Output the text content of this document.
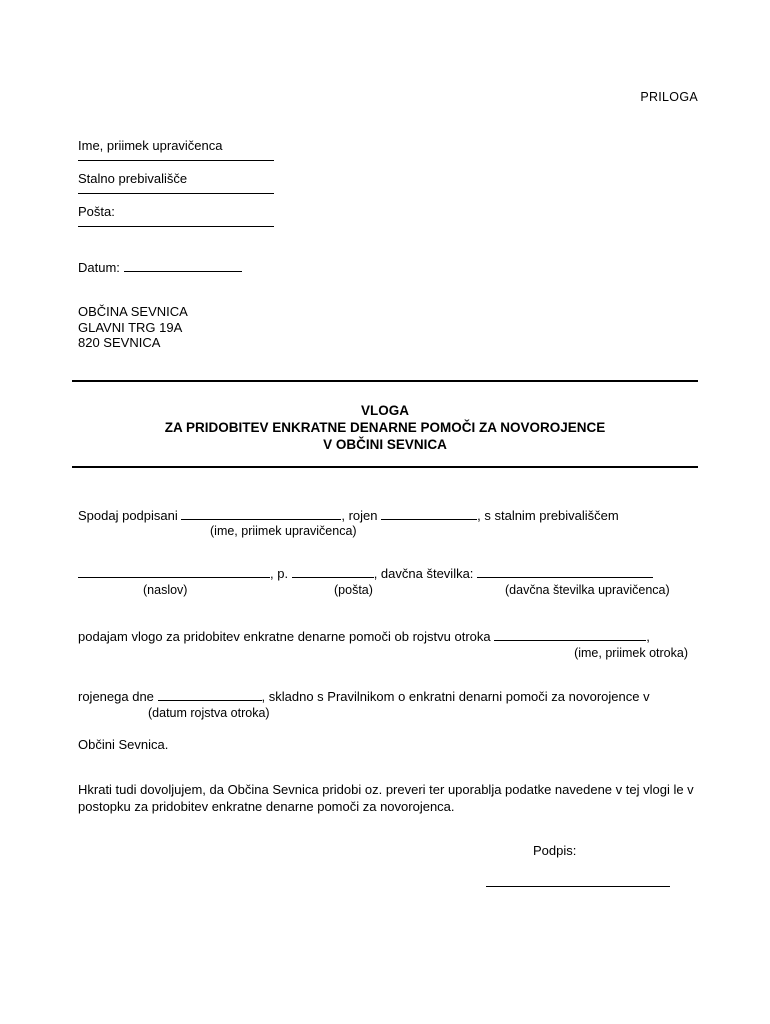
PRILOGA

Ime, priimek upravičenca

Stalno prebivališče

Pošta:

Datum:
OBČINA SEVNICA
GLAVNI TRG 19A
820 SEVNICA
VLOGA
ZA PRIDOBITEV ENKRATNE DENARNE POMOČI ZA NOVOROJENCE
V OBČINI SEVNICA
Spodaj podpisani	, rojen	, s stalnim prebivališčem
(ime, priimek upravičenca)
, p.	, davčna številka:
(naslov)	(pošta)	(davčna številka upravičenca)
podajam vlogo za pridobitev enkratne denarne pomoči ob rojstvu otroka	,
(ime, priimek otroka)
rojenega dne	, skladno s Pravilnikom o enkratni denarni pomoči za novorojence v
(datum rojstva otroka)
Občini Sevnica.
Hkrati tudi dovoljujem, da Občina Sevnica pridobi oz. preveri ter uporablja podatke navedene v tej vlogi le v postopku za pridobitev enkratne denarne pomoči za novorojenca.
Podpis:
